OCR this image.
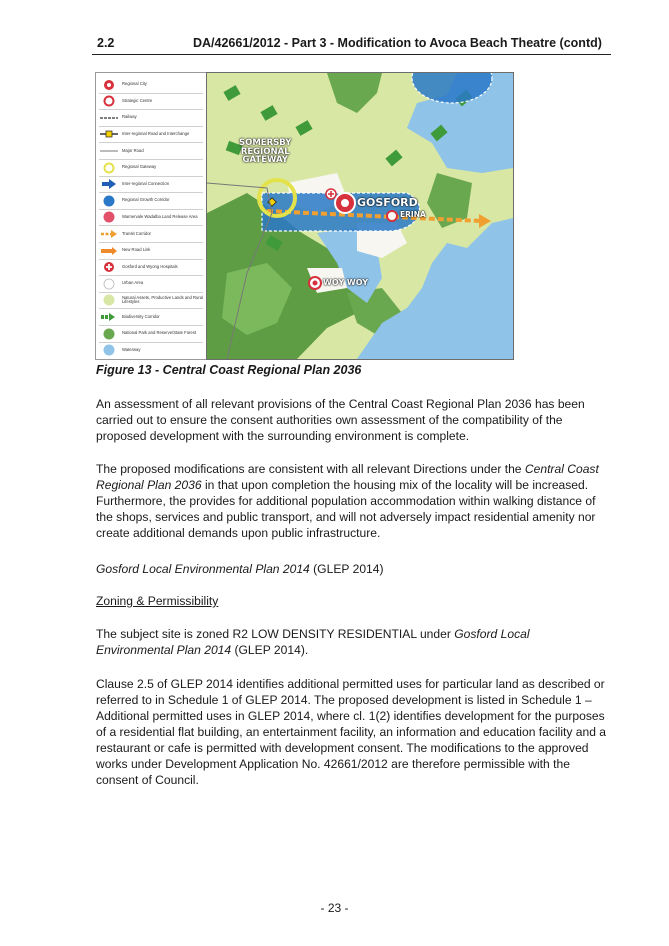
2.2	DA/42661/2012 - Part 3 - Modification to Avoca Beach Theatre (contd)
Regional City
Strategic Centre
Railway
Inter-regional Road and Interchange
Major Road
Regional Gateway
Inter-regional Connection
Regional Growth Corridor
Warnervale Wadalba Land Release Area
Transit Corridor
New Road Link
Gosford and Wyong Hospitals
Urban Area
Natural Assets, Productive Lands and Rural Lifestyles
Biodiversity Corridor
National Park and Reserve/State Forest
Waterway
SOMERSBY
REGIONAL
GATEWAY
GOSFORD
ERINA
WOY WOY
Figure 13 - Central Coast Regional Plan 2036

An assessment of all relevant provisions of the Central Coast Regional Plan 2036 has been carried out to ensure the consent authorities own assessment of the compatibility of the proposed development with the surrounding environment is complete.

The proposed modifications are consistent with all relevant Directions under the Central Coast Regional Plan 2036 in that upon completion the housing mix of the locality will be increased. Furthermore, the provides for additional population accommodation within walking distance of the shops, services and public transport, and will not adversely impact residential amenity nor create additional demands upon public infrastructure.

Gosford Local Environmental Plan 2014 (GLEP 2014)

Zoning & Permissibility

The subject site is zoned R2 LOW DENSITY RESIDENTIAL under Gosford Local Environmental Plan 2014 (GLEP 2014).

Clause 2.5 of GLEP 2014 identifies additional permitted uses for particular land as described or referred to in Schedule 1 of GLEP 2014. The proposed development is listed in Schedule 1 – Additional permitted uses in GLEP 2014, where cl. 1(2) identifies development for the purposes of a residential flat building, an entertainment facility, an information and education facility and a restaurant or cafe is permitted with development consent. The modifications to the approved works under Development Application No. 42661/2012 are therefore permissible with the consent of Council.

- 23 -
